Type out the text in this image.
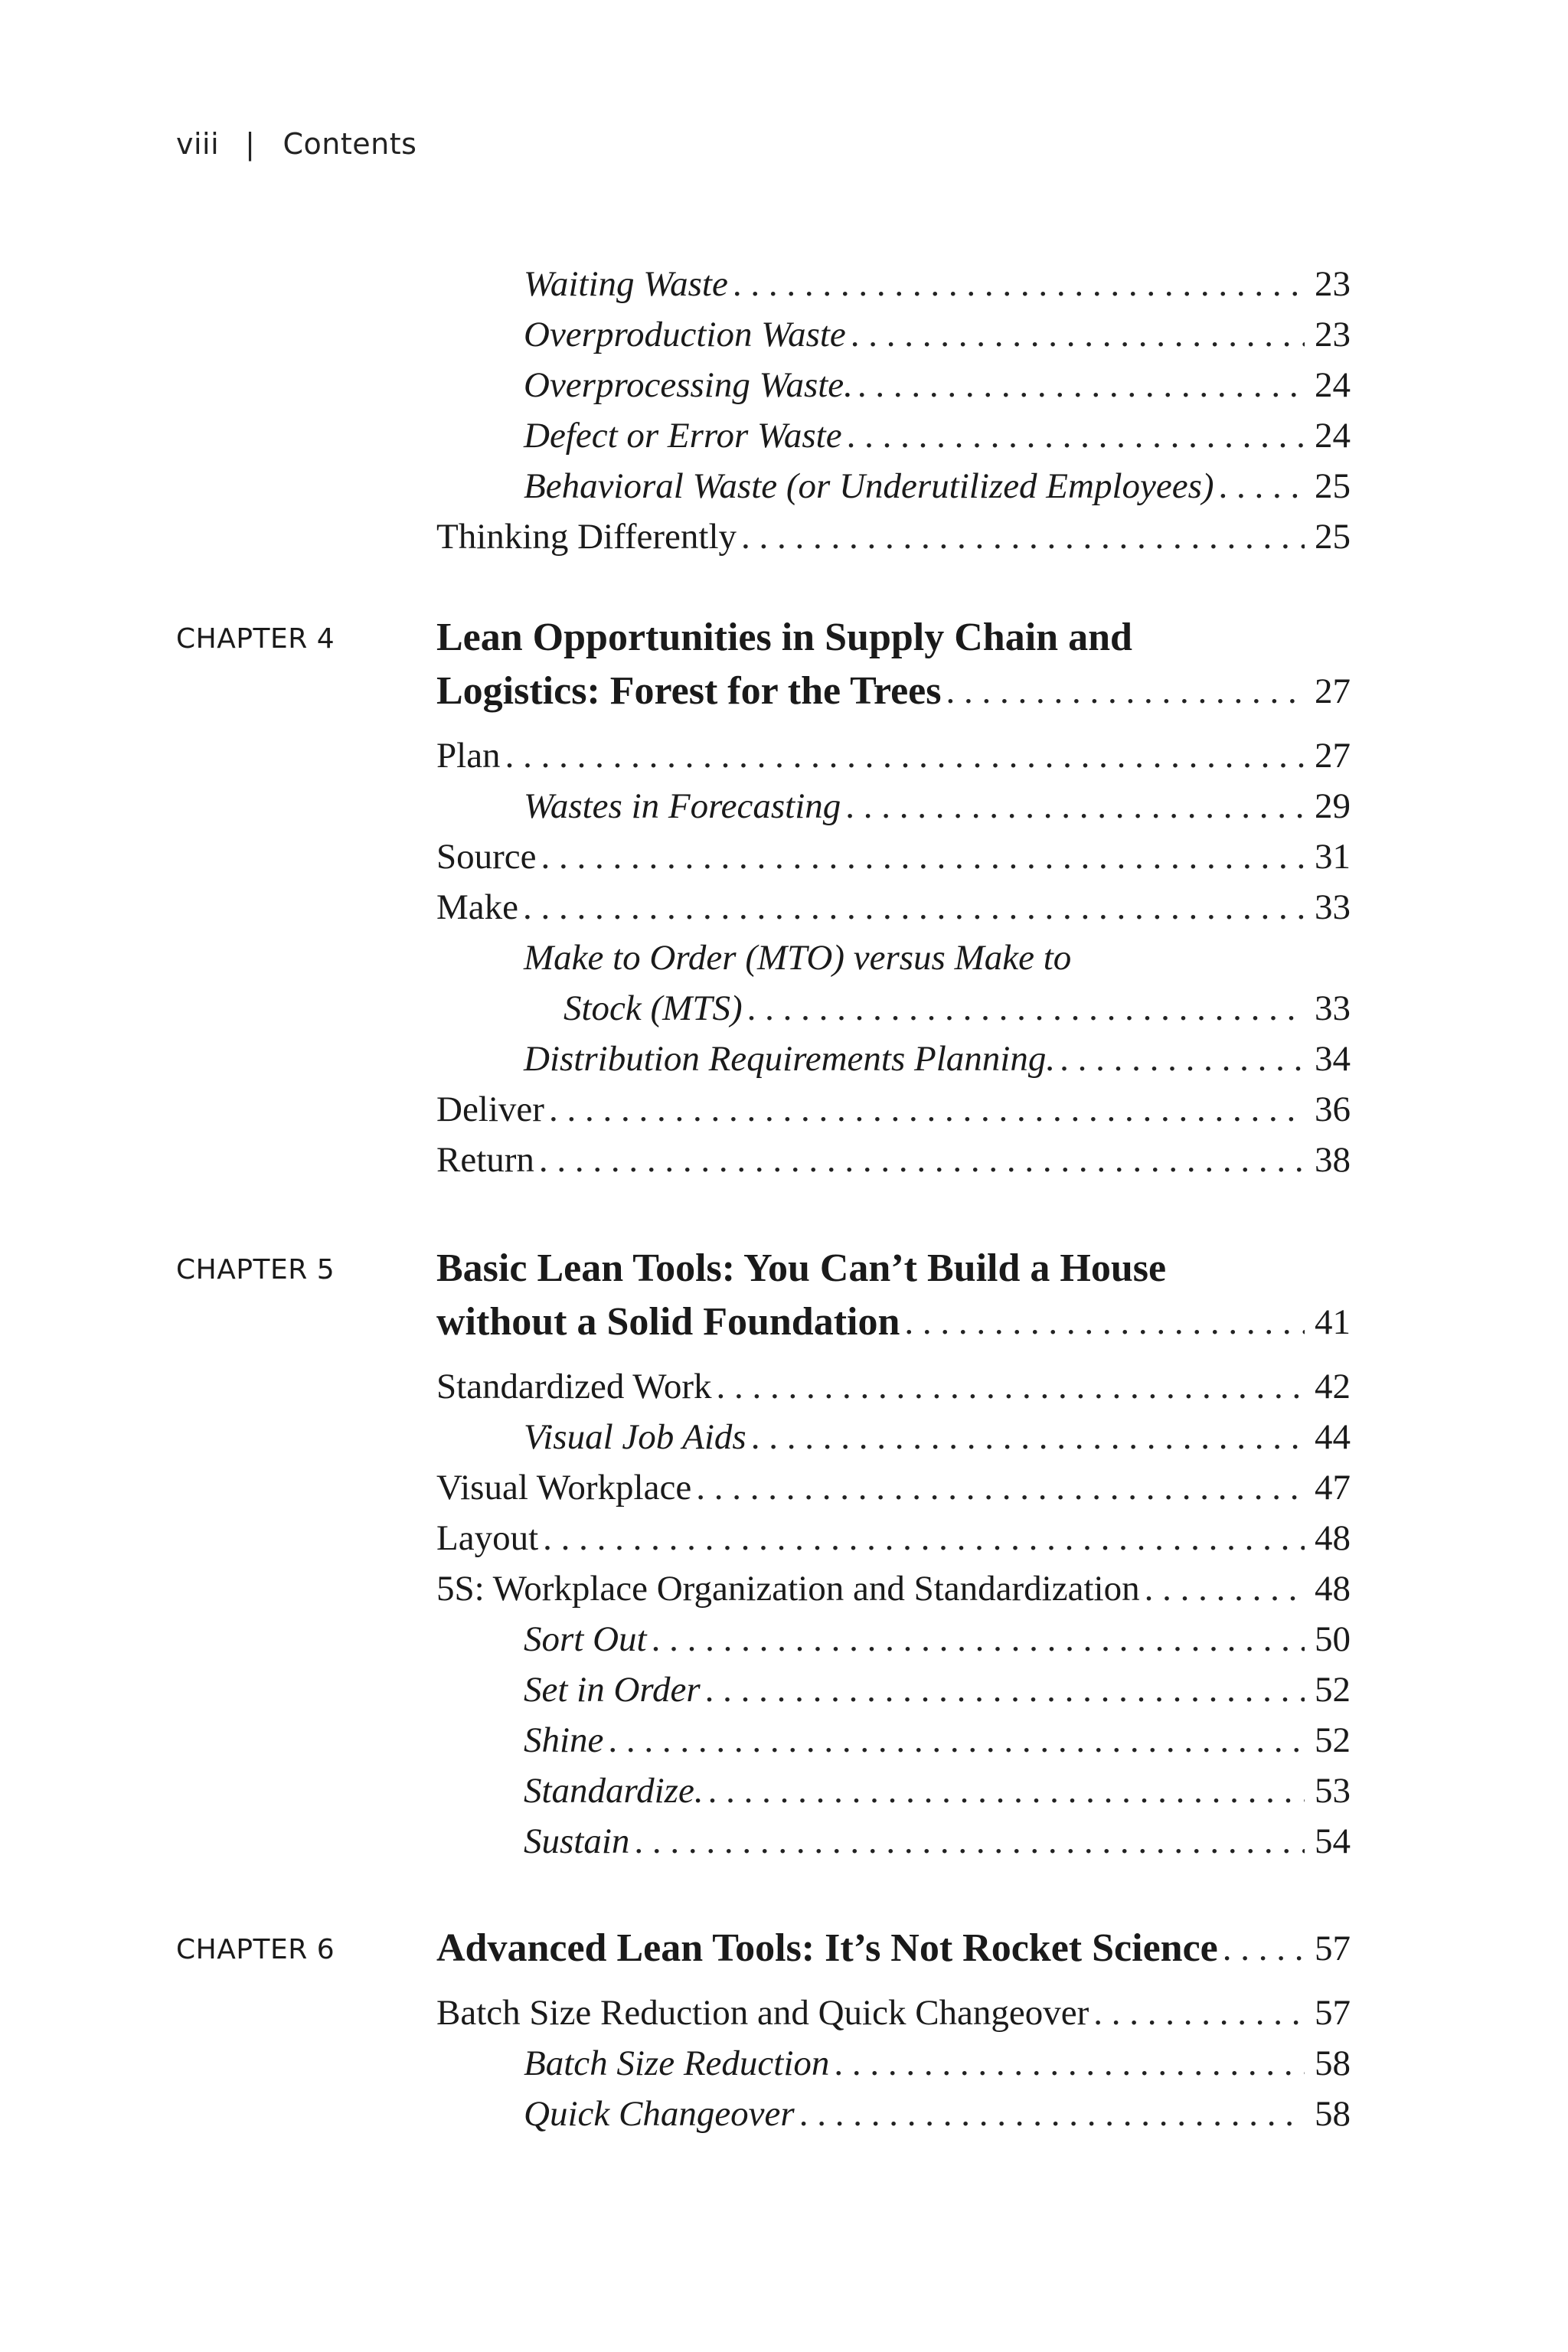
viii | Contents
Waiting Waste . . .	23
Overproduction Waste . . .	23
Overprocessing Waste. . . .	24
Defect or Error Waste . . .	24
Behavioral Waste (or Underutilized Employees) . . .	25
Thinking Differently . . .	25
CHAPTER 4	Lean Opportunities in Supply Chain and
Logistics: Forest for the Trees . . .	27
Plan . . .	27
Wastes in Forecasting . . .	29
Source . . .	31
Make . . .	33
Make to Order (MTO) versus Make to
Stock (MTS) . . .	33
Distribution Requirements Planning. . . .	34
Deliver . . .	36
Return . . .	38
CHAPTER 5	Basic Lean Tools: You Can’t Build a House
without a Solid Foundation . . .	41
Standardized Work . . .	42
Visual Job Aids . . .	44
Visual Workplace . . .	47
Layout . . .	48
5S: Workplace Organization and Standardization . . .	48
Sort Out . . .	50
Set in Order . . .	52
Shine . . .	52
Standardize. . . .	53
Sustain . . .	54
CHAPTER 6	Advanced Lean Tools: It’s Not Rocket Science . . .	57
Batch Size Reduction and Quick Changeover . . .	57
Batch Size Reduction . . .	58
Quick Changeover . . .	58
